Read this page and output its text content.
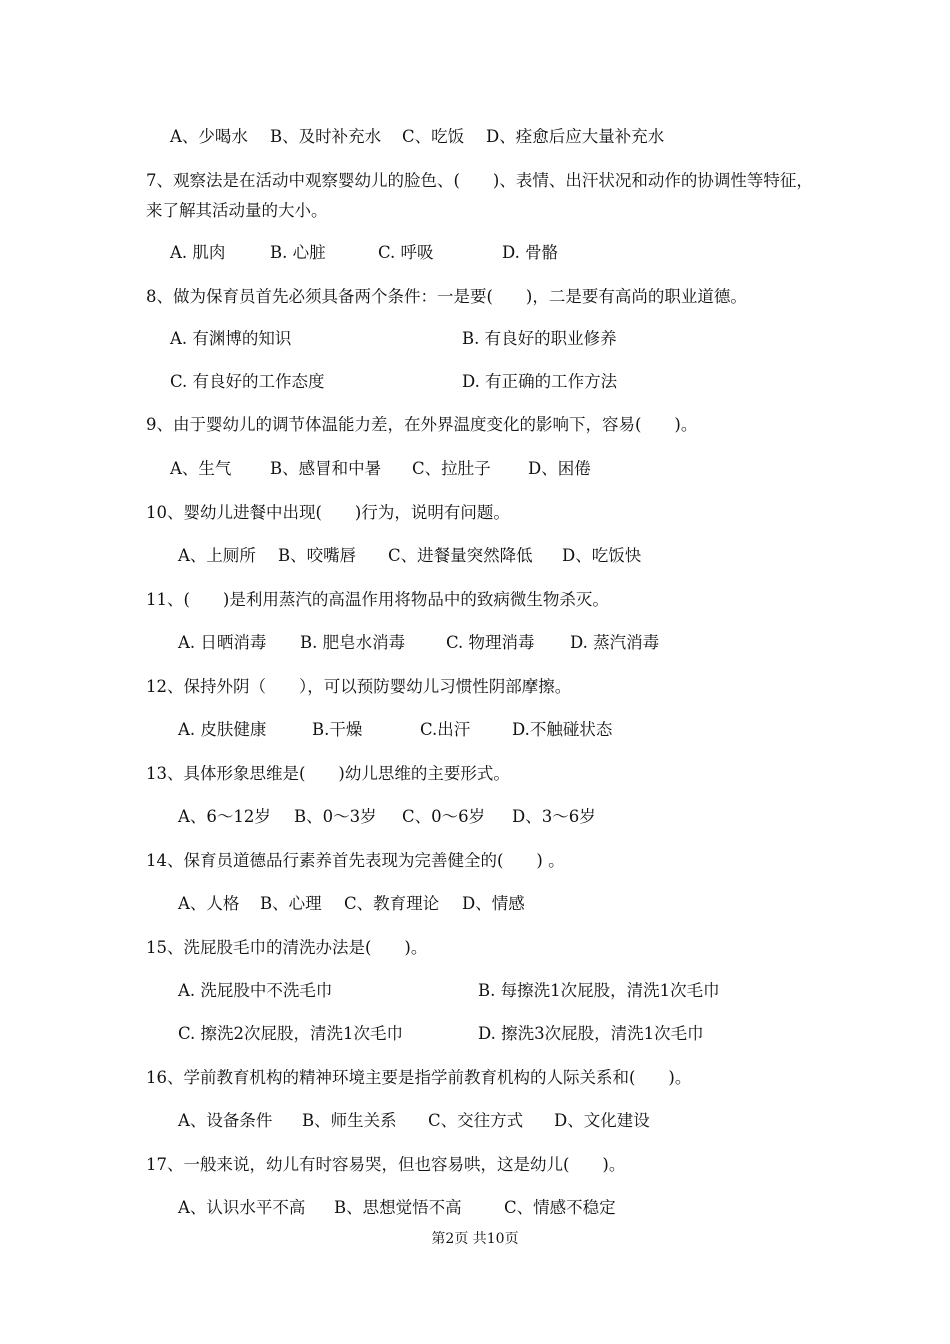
A、少喝水 B、及时补充水 C、吃饭 D、痊愈后应大量补充水
7、观察法是在活动中观察婴幼儿的脸色、(　　)、表情、出汗状况和动作的协调性等特征，
来了解其活动量的大小。
A. 肌肉	B. 心脏	C. 呼吸	D. 骨骼
8、做为保育员首先必须具备两个条件：一是要(　　)，二是要有高尚的职业道德。
A. 有渊博的知识	B. 有良好的职业修养
C. 有良好的工作态度	D. 有正确的工作方法
9、由于婴幼儿的调节体温能力差，在外界温度变化的影响下，容易(　　)。
A、生气 B、感冒和中暑 C、拉肚子 D、困倦
10、婴幼儿进餐中出现(　　)行为，说明有问题。
A、上厕所 B、咬嘴唇 C、进餐量突然降低 D、吃饭快
11、(　　)是利用蒸汽的高温作用将物品中的致病微生物杀灭。
A. 日晒消毒 B. 肥皂水消毒 C. 物理消毒 D. 蒸汽消毒
12、保持外阴（　　），可以预防婴幼儿习惯性阴部摩擦。
A. 皮肤健康	B.干燥	C.出汗	D.不触碰状态
13、具体形象思维是(　　)幼儿思维的主要形式。
A、6～12岁 B、0～3岁 C、0～6岁 D、3～6岁
14、保育员道德品行素养首先表现为完善健全的(　　) 。
A、人格 B、心理 C、教育理论 D、情感
15、洗屁股毛巾的清洗办法是(　　)。
A. 洗屁股中不洗毛巾	B. 每擦洗1次屁股，清洗1次毛巾
C. 擦洗2次屁股，清洗1次毛巾	D. 擦洗3次屁股，清洗1次毛巾
16、学前教育机构的精神环境主要是指学前教育机构的人际关系和(　　)。
A、设备条件 B、师生关系 C、交往方式 D、文化建设
17、一般来说，幼儿有时容易哭，但也容易哄，这是幼儿(　　)。
A、认识水平不高 B、思想觉悟不高	C、情感不稳定
第2页 共10页
